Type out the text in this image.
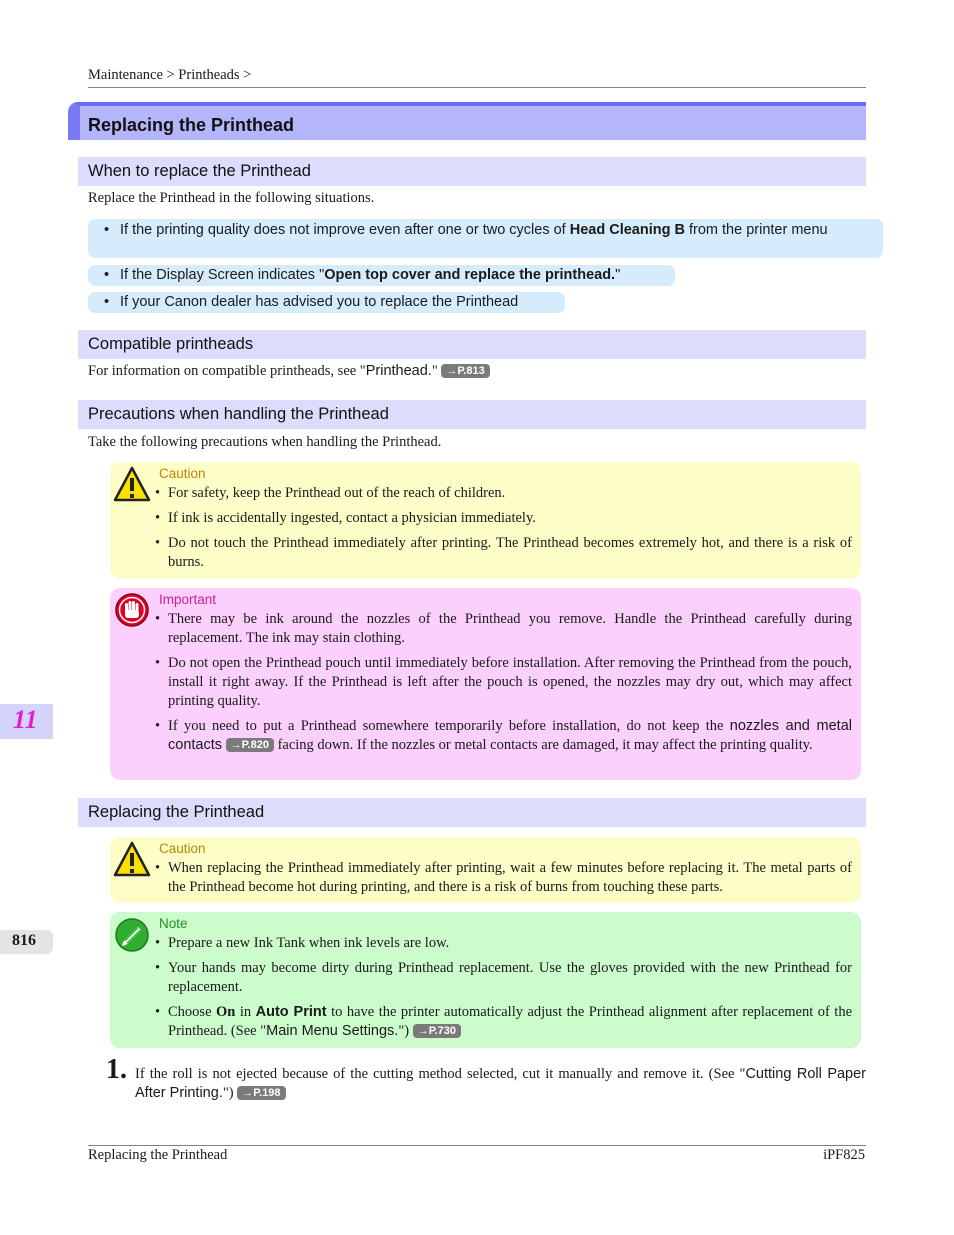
Maintenance > Printheads >
Replacing the Printhead
When to replace the Printhead
Replace the Printhead in the following situations.
• If the printing quality does not improve even after one or two cycles of Head Cleaning B from the printer menu
• If the Display Screen indicates "Open top cover and replace the printhead."
• If your Canon dealer has advised you to replace the Printhead
Compatible printheads
For information on compatible printheads, see "Printhead." →P.813
Precautions when handling the Printhead
Take the following precautions when handling the Printhead.
Caution
• For safety, keep the Printhead out of the reach of children.
• If ink is accidentally ingested, contact a physician immediately.
• Do not touch the Printhead immediately after printing. The Printhead becomes extremely hot, and there is a risk of burns.
Important
• There may be ink around the nozzles of the Printhead you remove. Handle the Printhead carefully during replacement. The ink may stain clothing.
• Do not open the Printhead pouch until immediately before installation. After removing the Printhead from the pouch, install it right away. If the Printhead is left after the pouch is opened, the nozzles may dry out, which may affect printing quality.
• If you need to put a Printhead somewhere temporarily before installation, do not keep the nozzles and metal contacts →P.820 facing down. If the nozzles or metal contacts are damaged, it may affect the printing quality.
Replacing the Printhead
Caution
• When replacing the Printhead immediately after printing, wait a few minutes before replacing it. The metal parts of the Printhead become hot during printing, and there is a risk of burns from touching these parts.
Note
• Prepare a new Ink Tank when ink levels are low.
• Your hands may become dirty during Printhead replacement. Use the gloves provided with the new Printhead for replacement.
• Choose On in Auto Print to have the printer automatically adjust the Printhead alignment after replacement of the Printhead. (See "Main Menu Settings.") →P.730
1. If the roll is not ejected because of the cutting method selected, cut it manually and remove it. (See "Cutting Roll Paper After Printing.") →P.198
11
816
Replacing the Printhead	iPF825
